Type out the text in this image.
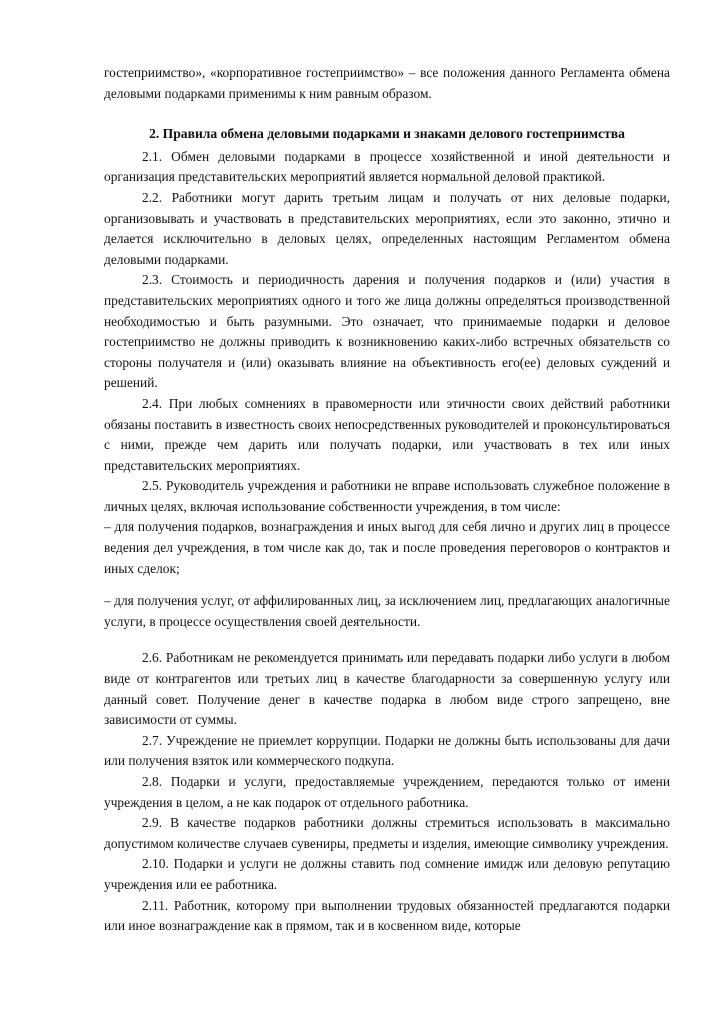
гостеприимство», «корпоративное гостеприимство» – все положения данного Регламента обмена деловыми подарками применимы к ним равным образом.

2. Правила обмена деловыми подарками и знаками делового гостеприимства

2.1. Обмен деловыми подарками в процессе хозяйственной и иной деятельности и организация представительских мероприятий является нормальной деловой практикой.

2.2. Работники могут дарить третьим лицам и получать от них деловые подарки, организовывать и участвовать в представительских мероприятиях, если это законно, этично и делается исключительно в деловых целях, определенных настоящим Регламентом обмена деловыми подарками.

2.3. Стоимость и периодичность дарения и получения подарков и (или) участия в представительских мероприятиях одного и того же лица должны определяться производственной необходимостью и быть разумными. Это означает, что принимаемые подарки и деловое гостеприимство не должны приводить к возникновению каких-либо встречных обязательств со стороны получателя и (или) оказывать влияние на объективность его(ее) деловых суждений и решений.

2.4. При любых сомнениях в правомерности или этичности своих действий работники обязаны поставить в известность своих непосредственных руководителей и проконсультироваться с ними, прежде чем дарить или получать подарки, или участвовать в тех или иных представительских мероприятиях.

2.5. Руководитель учреждения и работники не вправе использовать служебное положение в личных целях, включая использование собственности учреждения, в том числе:

– для получения подарков, вознаграждения и иных выгод для себя лично и других лиц в процессе ведения дел учреждения, в том числе как до, так и после проведения переговоров о контрактов и иных сделок;

– для получения услуг, от аффилированных лиц, за исключением лиц, предлагающих аналогичные услуги, в процессе осуществления своей деятельности.

2.6. Работникам не рекомендуется принимать или передавать подарки либо услуги в любом виде от контрагентов или третьих лиц в качестве благодарности за совершенную услугу или данный совет. Получение денег в качестве подарка в любом виде строго запрещено, вне зависимости от суммы.

2.7. Учреждение не приемлет коррупции. Подарки не должны быть использованы для дачи или получения взяток или коммерческого подкупа.

2.8. Подарки и услуги, предоставляемые учреждением, передаются только от имени учреждения в целом, а не как подарок от отдельного работника.

2.9. В качестве подарков работники должны стремиться использовать в максимально допустимом количестве случаев сувениры, предметы и изделия, имеющие символику учреждения.

2.10. Подарки и услуги не должны ставить под сомнение имидж или деловую репутацию учреждения или ее работника.

2.11. Работник, которому при выполнении трудовых обязанностей предлагаются подарки или иное вознаграждение как в прямом, так и в косвенном виде, которые
